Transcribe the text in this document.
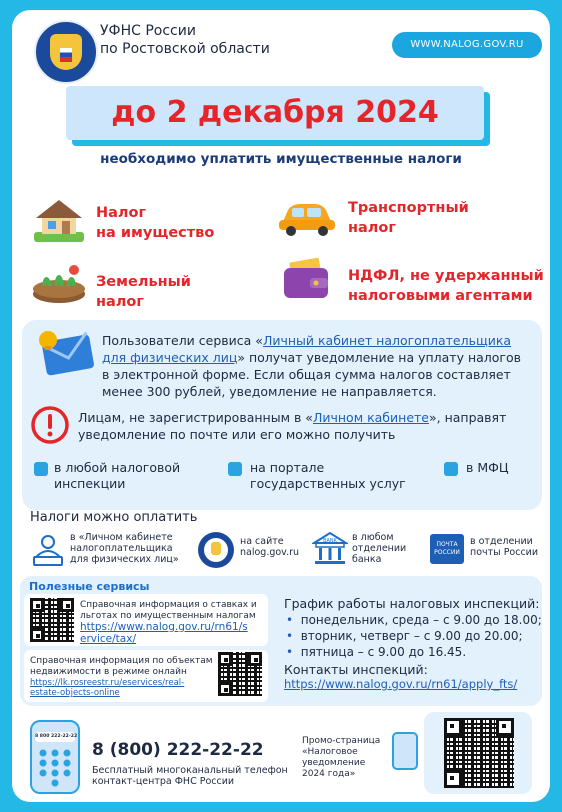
УФНС России
по Ростовской области	WWW.NALOG.GOV.RU
до 2 декабря 2024
необходимо уплатить имущественные налоги
Налог
на имущество
Транспортный
налог
Земельный
налог
НДФЛ, не удержанный
налоговыми агентами
Пользователи сервиса «Личный кабинет налогоплательщика для физических лиц» получат уведомление на уплату налогов в электронной форме. Если общая сумма налогов составляет менее 300 рублей, уведомление не направляется.
Лицам, не зарегистрированным в «Личном кабинете», направят уведомление по почте или его можно получить
в любой налоговой
инспекции
на портале
государственных услуг
в МФЦ
Налоги можно оплатить
в «Личном кабинете
налогоплательщика
для физических лиц»
на сайте
nalog.gov.ru
BANK в любом
отделении
банка
ПОЧТА
РОССИИ
в отделении
почты России
Полезные сервисы
Справочная информация о ставках и
льготах по имущественным налогам
https://www.nalog.gov.ru/rn61/s
ervice/tax/
Справочная информация по объектам
недвижимости в режиме онлайн
https://lk.rosreestr.ru/eservices/real-
estate-objects-online
График работы налоговых инспекций:
• понедельник, среда – с 9.00 до 18.00;
• вторник, четверг – с 9.00 до 20.00;
• пятница – с 9.00 до 16.45.
Контакты инспекций:
https://www.nalog.gov.ru/rn61/apply_fts/
8 800 222-22-22
8 (800) 222-22-22
Бесплатный многоканальный телефон
контакт-центра ФНС России
Промо-страница
«Налоговое
уведомление
2024 года»
